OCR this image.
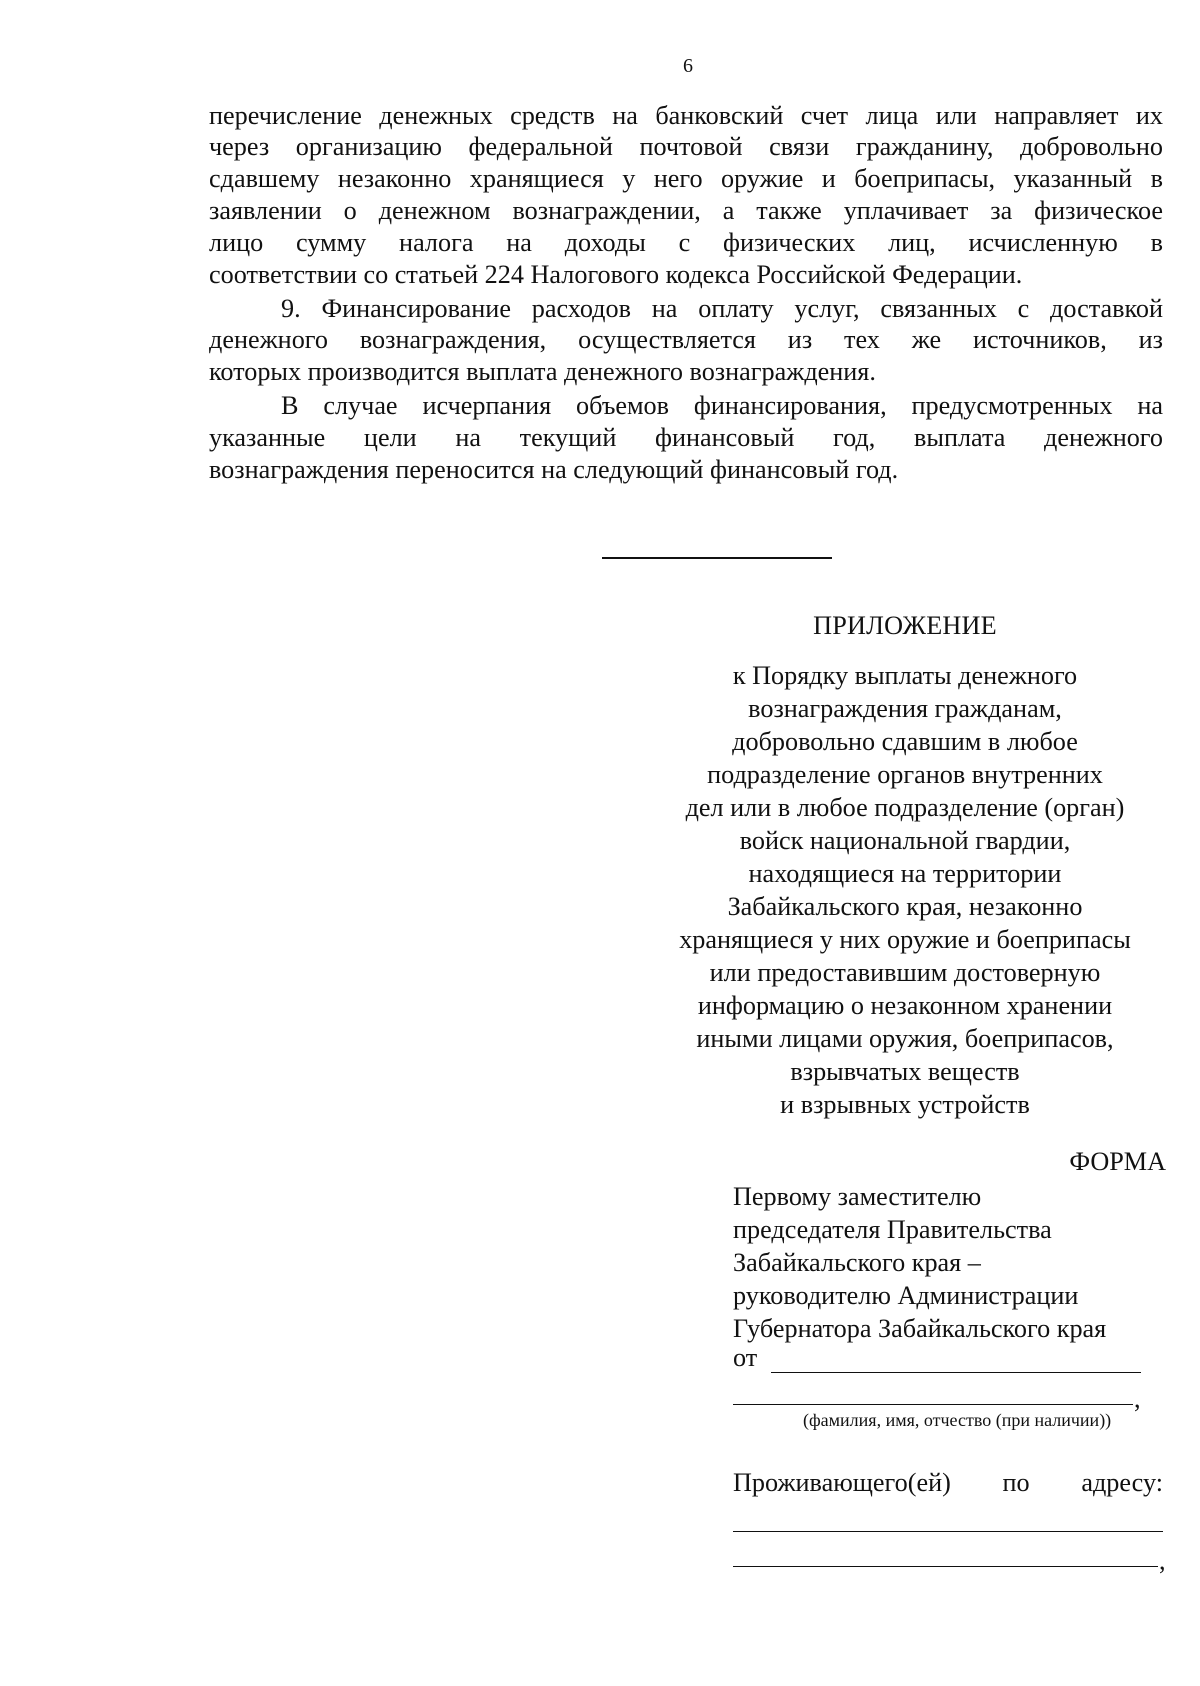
6
перечисление денежных средств на банковский счет лица или направляет их
через организацию федеральной почтовой связи гражданину, добровольно
сдавшему незаконно хранящиеся у него оружие и боеприпасы, указанный в
заявлении о денежном вознаграждении, а также уплачивает за физическое
лицо сумму налога на доходы с физических лиц, исчисленную в
соответствии со статьей 224 Налогового кодекса Российской Федерации.
9. Финансирование расходов на оплату услуг, связанных с доставкой
денежного вознаграждения, осуществляется из тех же источников, из
которых производится выплата денежного вознаграждения.
В случае исчерпания объемов финансирования, предусмотренных на
указанные цели на текущий финансовый год, выплата денежного
вознаграждения переносится на следующий финансовый год.
ПРИЛОЖЕНИЕ
к Порядку выплаты денежного
вознаграждения гражданам,
добровольно сдавшим в любое
подразделение органов внутренних
дел или в любое подразделение (орган)
войск национальной гвардии,
находящиеся на территории
Забайкальского края, незаконно
хранящиеся у них оружие и боеприпасы
или предоставившим достоверную
информацию о незаконном хранении
иными лицами оружия, боеприпасов,
взрывчатых веществ
и взрывных устройств
ФОРМА
Первому заместителю
председателя Правительства
Забайкальского края –
руководителю Администрации
Губернатора Забайкальского края
от
,
(фамилия, имя, отчество (при наличии))
Проживающего(ей) по адресу:
,
